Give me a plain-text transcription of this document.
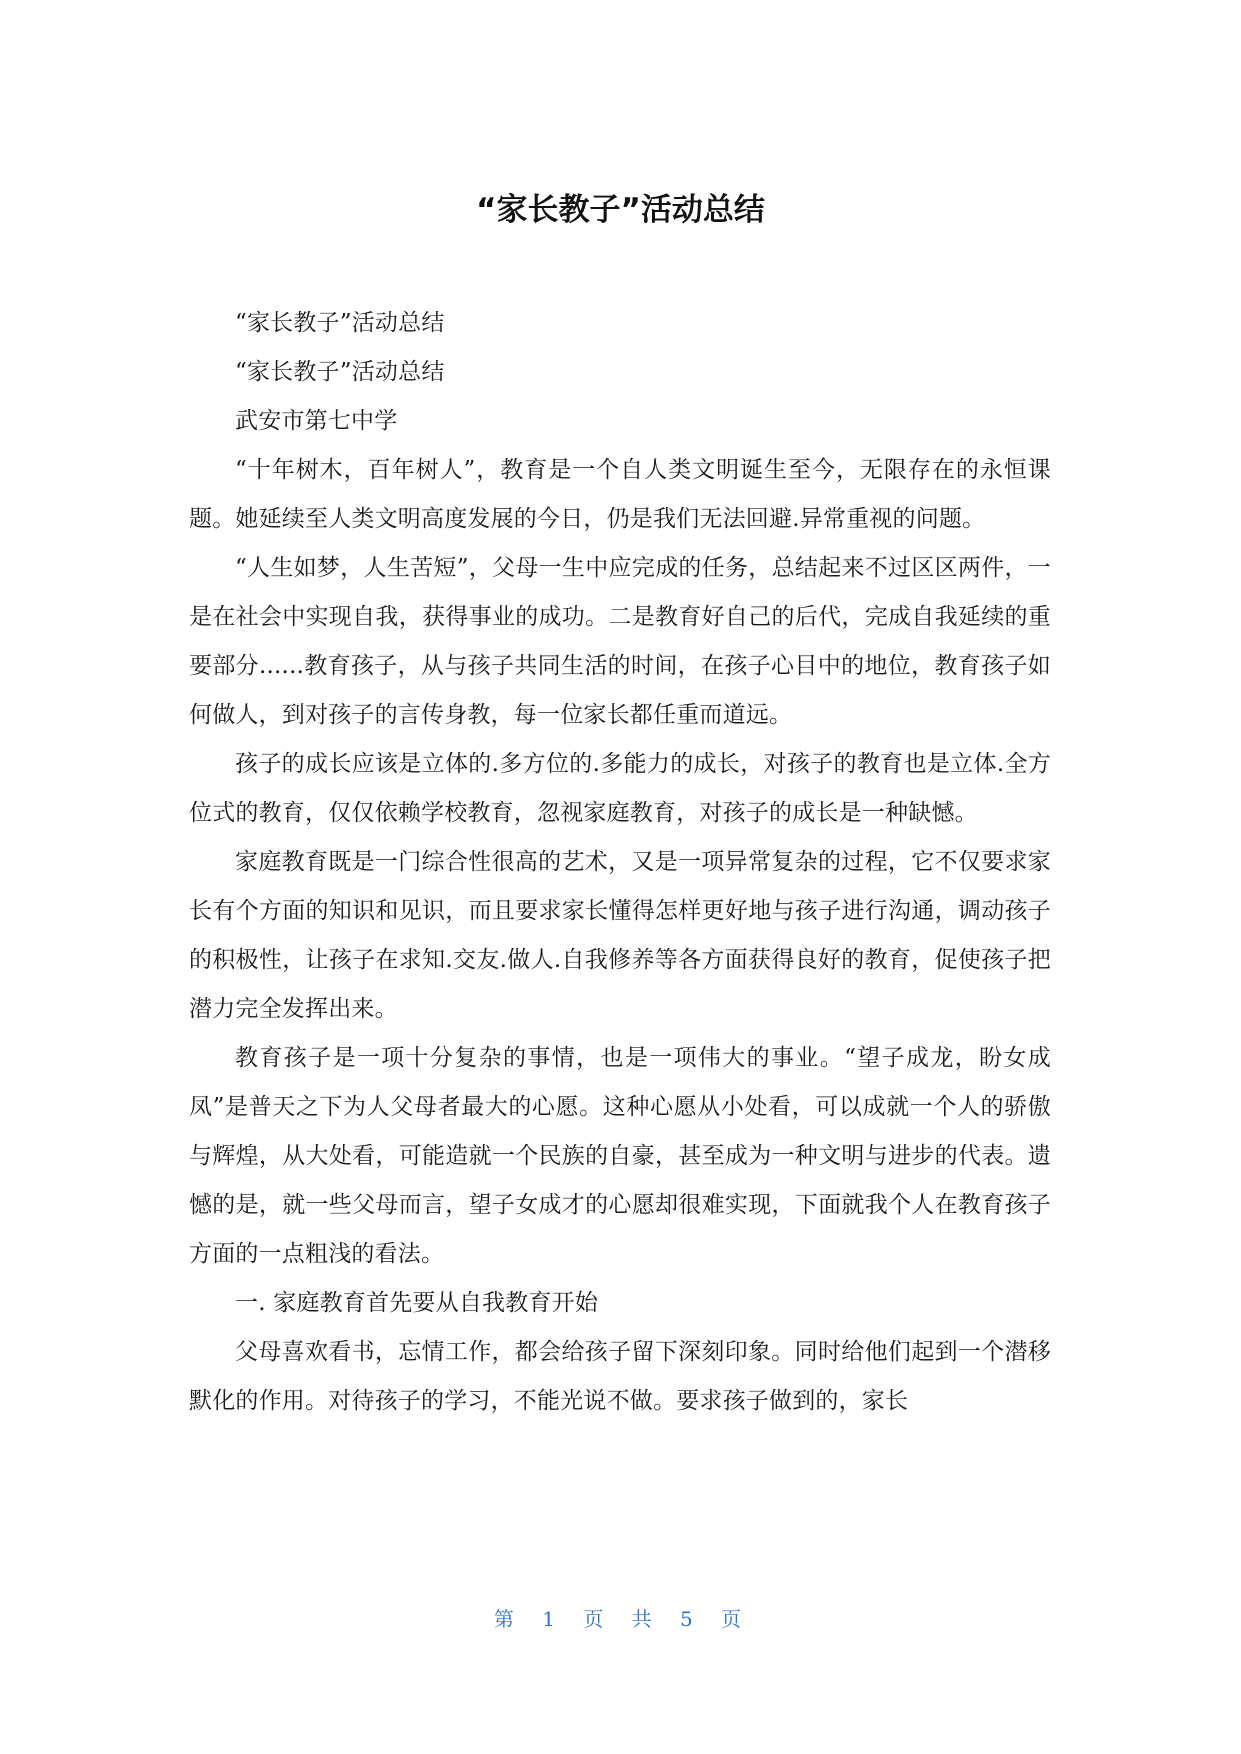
“家长教子”活动总结

“家长教子”活动总结

“家长教子”活动总结

武安市第七中学

“十年树木，百年树人”，教育是一个自人类文明诞生至今，无限存在的永恒课题。她延续至人类文明高度发展的今日，仍是我们无法回避.异常重视的问题。

“人生如梦，人生苦短”，父母一生中应完成的任务，总结起来不过区区两件，一是在社会中实现自我，获得事业的成功。二是教育好自己的后代，完成自我延续的重要部分......教育孩子，从与孩子共同生活的时间，在孩子心目中的地位，教育孩子如何做人，到对孩子的言传身教，每一位家长都任重而道远。

孩子的成长应该是立体的.多方位的.多能力的成长，对孩子的教育也是立体.全方位式的教育，仅仅依赖学校教育，忽视家庭教育，对孩子的成长是一种缺憾。

家庭教育既是一门综合性很高的艺术，又是一项异常复杂的过程，它不仅要求家长有个方面的知识和见识，而且要求家长懂得怎样更好地与孩子进行沟通，调动孩子的积极性，让孩子在求知.交友.做人.自我修养等各方面获得良好的教育，促使孩子把潜力完全发挥出来。

教育孩子是一项十分复杂的事情，也是一项伟大的事业。“望子成龙，盼女成凤”是普天之下为人父母者最大的心愿。这种心愿从小处看，可以成就一个人的骄傲与辉煌，从大处看，可能造就一个民族的自豪，甚至成为一种文明与进步的代表。遗憾的是，就一些父母而言，望子女成才的心愿却很难实现，下面就我个人在教育孩子方面的一点粗浅的看法。

一. 家庭教育首先要从自我教育开始

父母喜欢看书，忘情工作，都会给孩子留下深刻印象。同时给他们起到一个潜移默化的作用。对待孩子的学习，不能光说不做。要求孩子做到的，家长

第 1 页 共 5 页
